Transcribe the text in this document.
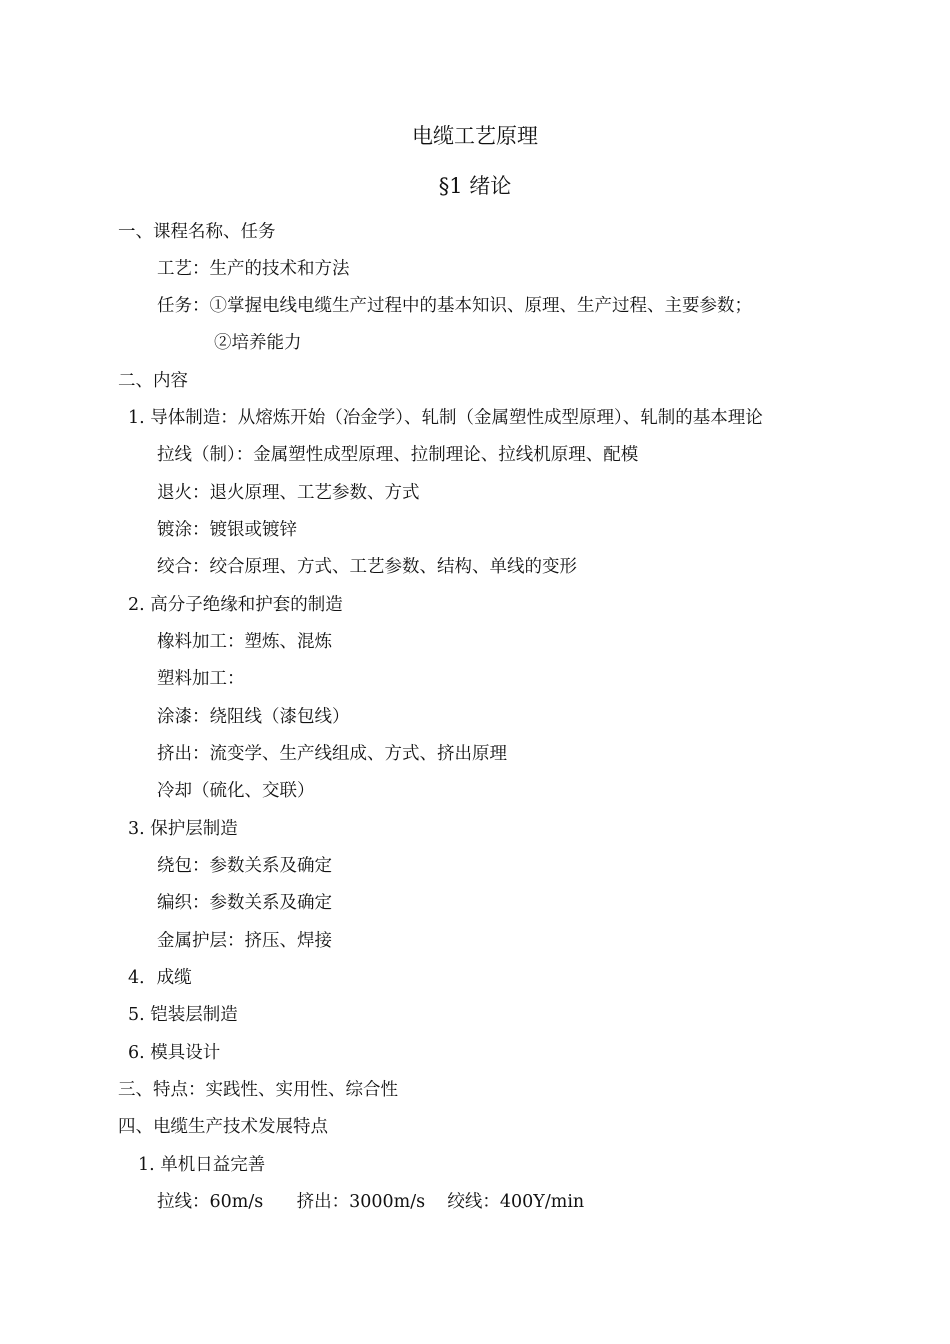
电缆工艺原理
§1 绪论
一、课程名称、任务
工艺：生产的技术和方法
任务：①掌握电线电缆生产过程中的基本知识、原理、生产过程、主要参数；
②培养能力
二、内容
1. 导体制造：从熔炼开始（冶金学）、轧制（金属塑性成型原理）、轧制的基本理论
拉线（制）：金属塑性成型原理、拉制理论、拉线机原理、配模
退火：退火原理、工艺参数、方式
镀涂：镀银或镀锌
绞合：绞合原理、方式、工艺参数、结构、单线的变形
2. 高分子绝缘和护套的制造
橡料加工：塑炼、混炼
塑料加工：
涂漆：绕阻线（漆包线）
挤出：流变学、生产线组成、方式、挤出原理
冷却（硫化、交联）
3. 保护层制造
绕包：参数关系及确定
编织：参数关系及确定
金属护层：挤压、焊接
4．成缆
5. 铠装层制造
6. 模具设计
三、特点：实践性、实用性、综合性
四、电缆生产技术发展特点
1. 单机日益完善
拉线：60m/s      挤出：3000m/s    绞线：400Y/min
